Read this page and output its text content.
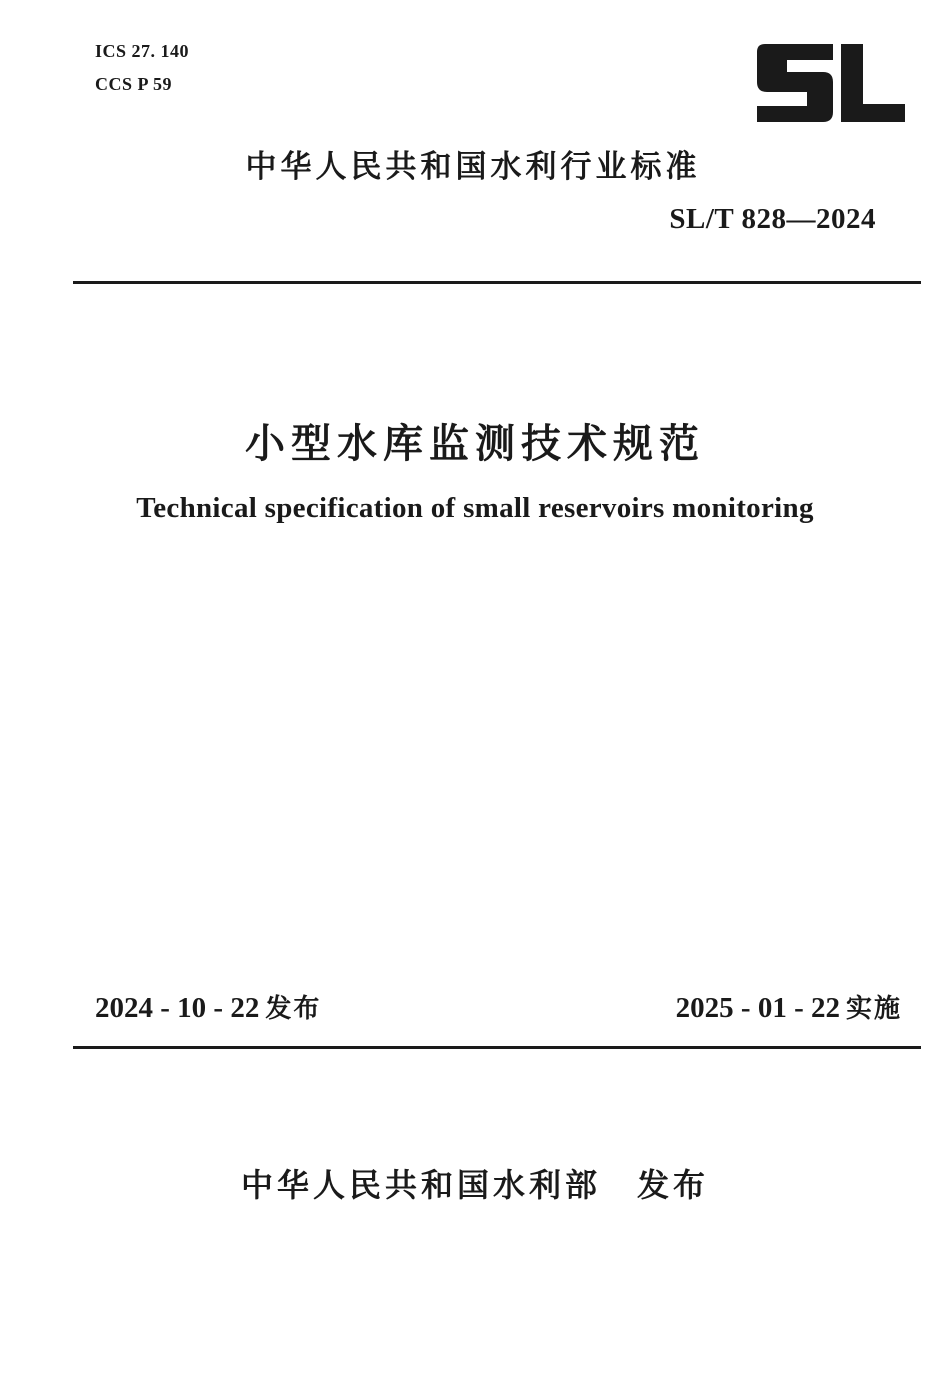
ICS 27. 140
CCS P 59
中华人民共和国水利行业标准
SL/T 828—2024
小型水库监测技术规范
Technical specification of small reservoirs monitoring
2024 - 10 - 22 发布	2025 - 01 - 22 实施
中华人民共和国水利部 发布
